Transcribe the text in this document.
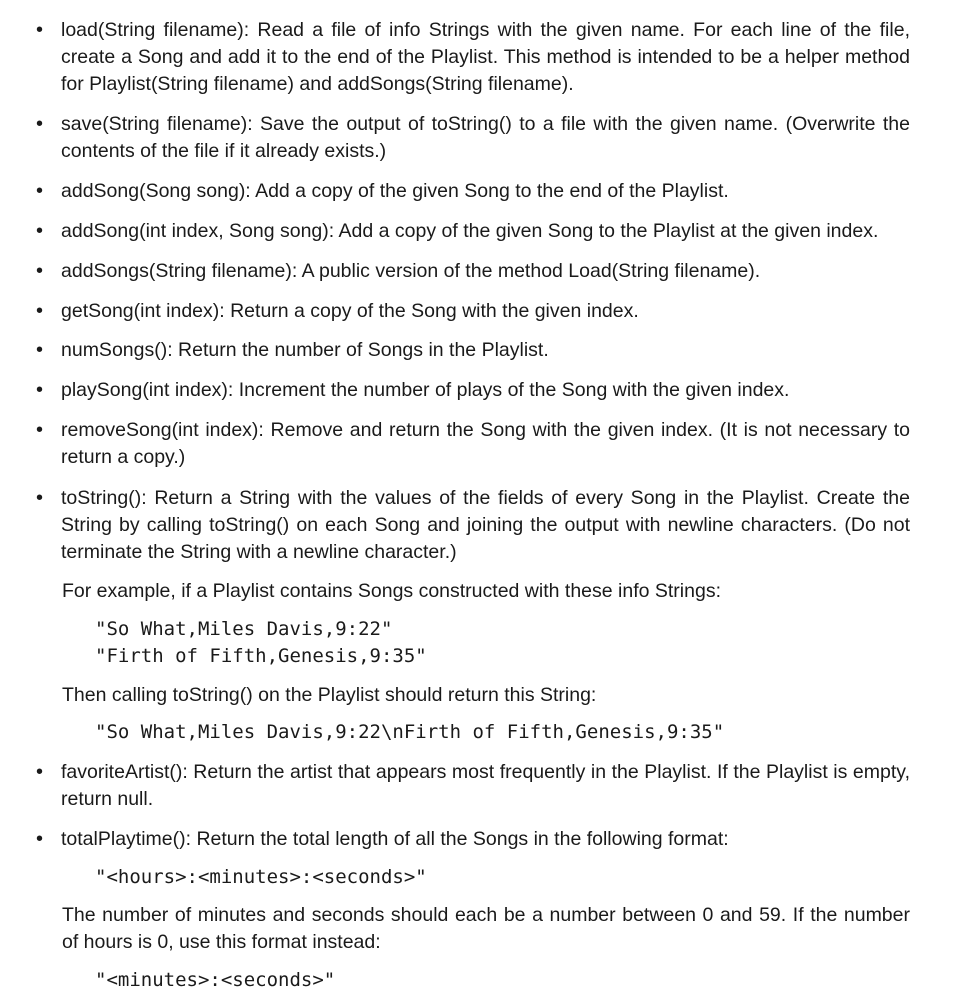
• load(String filename): Read a file of info Strings with the given name. For each line of the file, create a Song and add it to the end of the Playlist. This method is intended to be a helper method for Playlist(String filename) and addSongs(String filename).
• save(String filename): Save the output of toString() to a file with the given name. (Overwrite the contents of the file if it already exists.)
• addSong(Song song): Add a copy of the given Song to the end of the Playlist.
• addSong(int index, Song song): Add a copy of the given Song to the Playlist at the given index.
• addSongs(String filename): A public version of the method Load(String filename).
• getSong(int index): Return a copy of the Song with the given index.
• numSongs(): Return the number of Songs in the Playlist.
• playSong(int index): Increment the number of plays of the Song with the given index.
• removeSong(int index): Remove and return the Song with the given index. (It is not necessary to return a copy.)
• toString(): Return a String with the values of the fields of every Song in the Playlist. Create the String by calling toString() on each Song and joining the output with newline characters. (Do not terminate the String with a newline character.)
For example, if a Playlist contains Songs constructed with these info Strings:
"So What,Miles Davis,9:22"
"Firth of Fifth,Genesis,9:35"
Then calling toString() on the Playlist should return this String:
"So What,Miles Davis,9:22\nFirth of Fifth,Genesis,9:35"
• favoriteArtist(): Return the artist that appears most frequently in the Playlist. If the Playlist is empty, return null.
• totalPlaytime(): Return the total length of all the Songs in the following format:
"<hours>:<minutes>:<seconds>"
The number of minutes and seconds should each be a number between 0 and 59. If the number of hours is 0, use this format instead:
"<minutes>:<seconds>"
